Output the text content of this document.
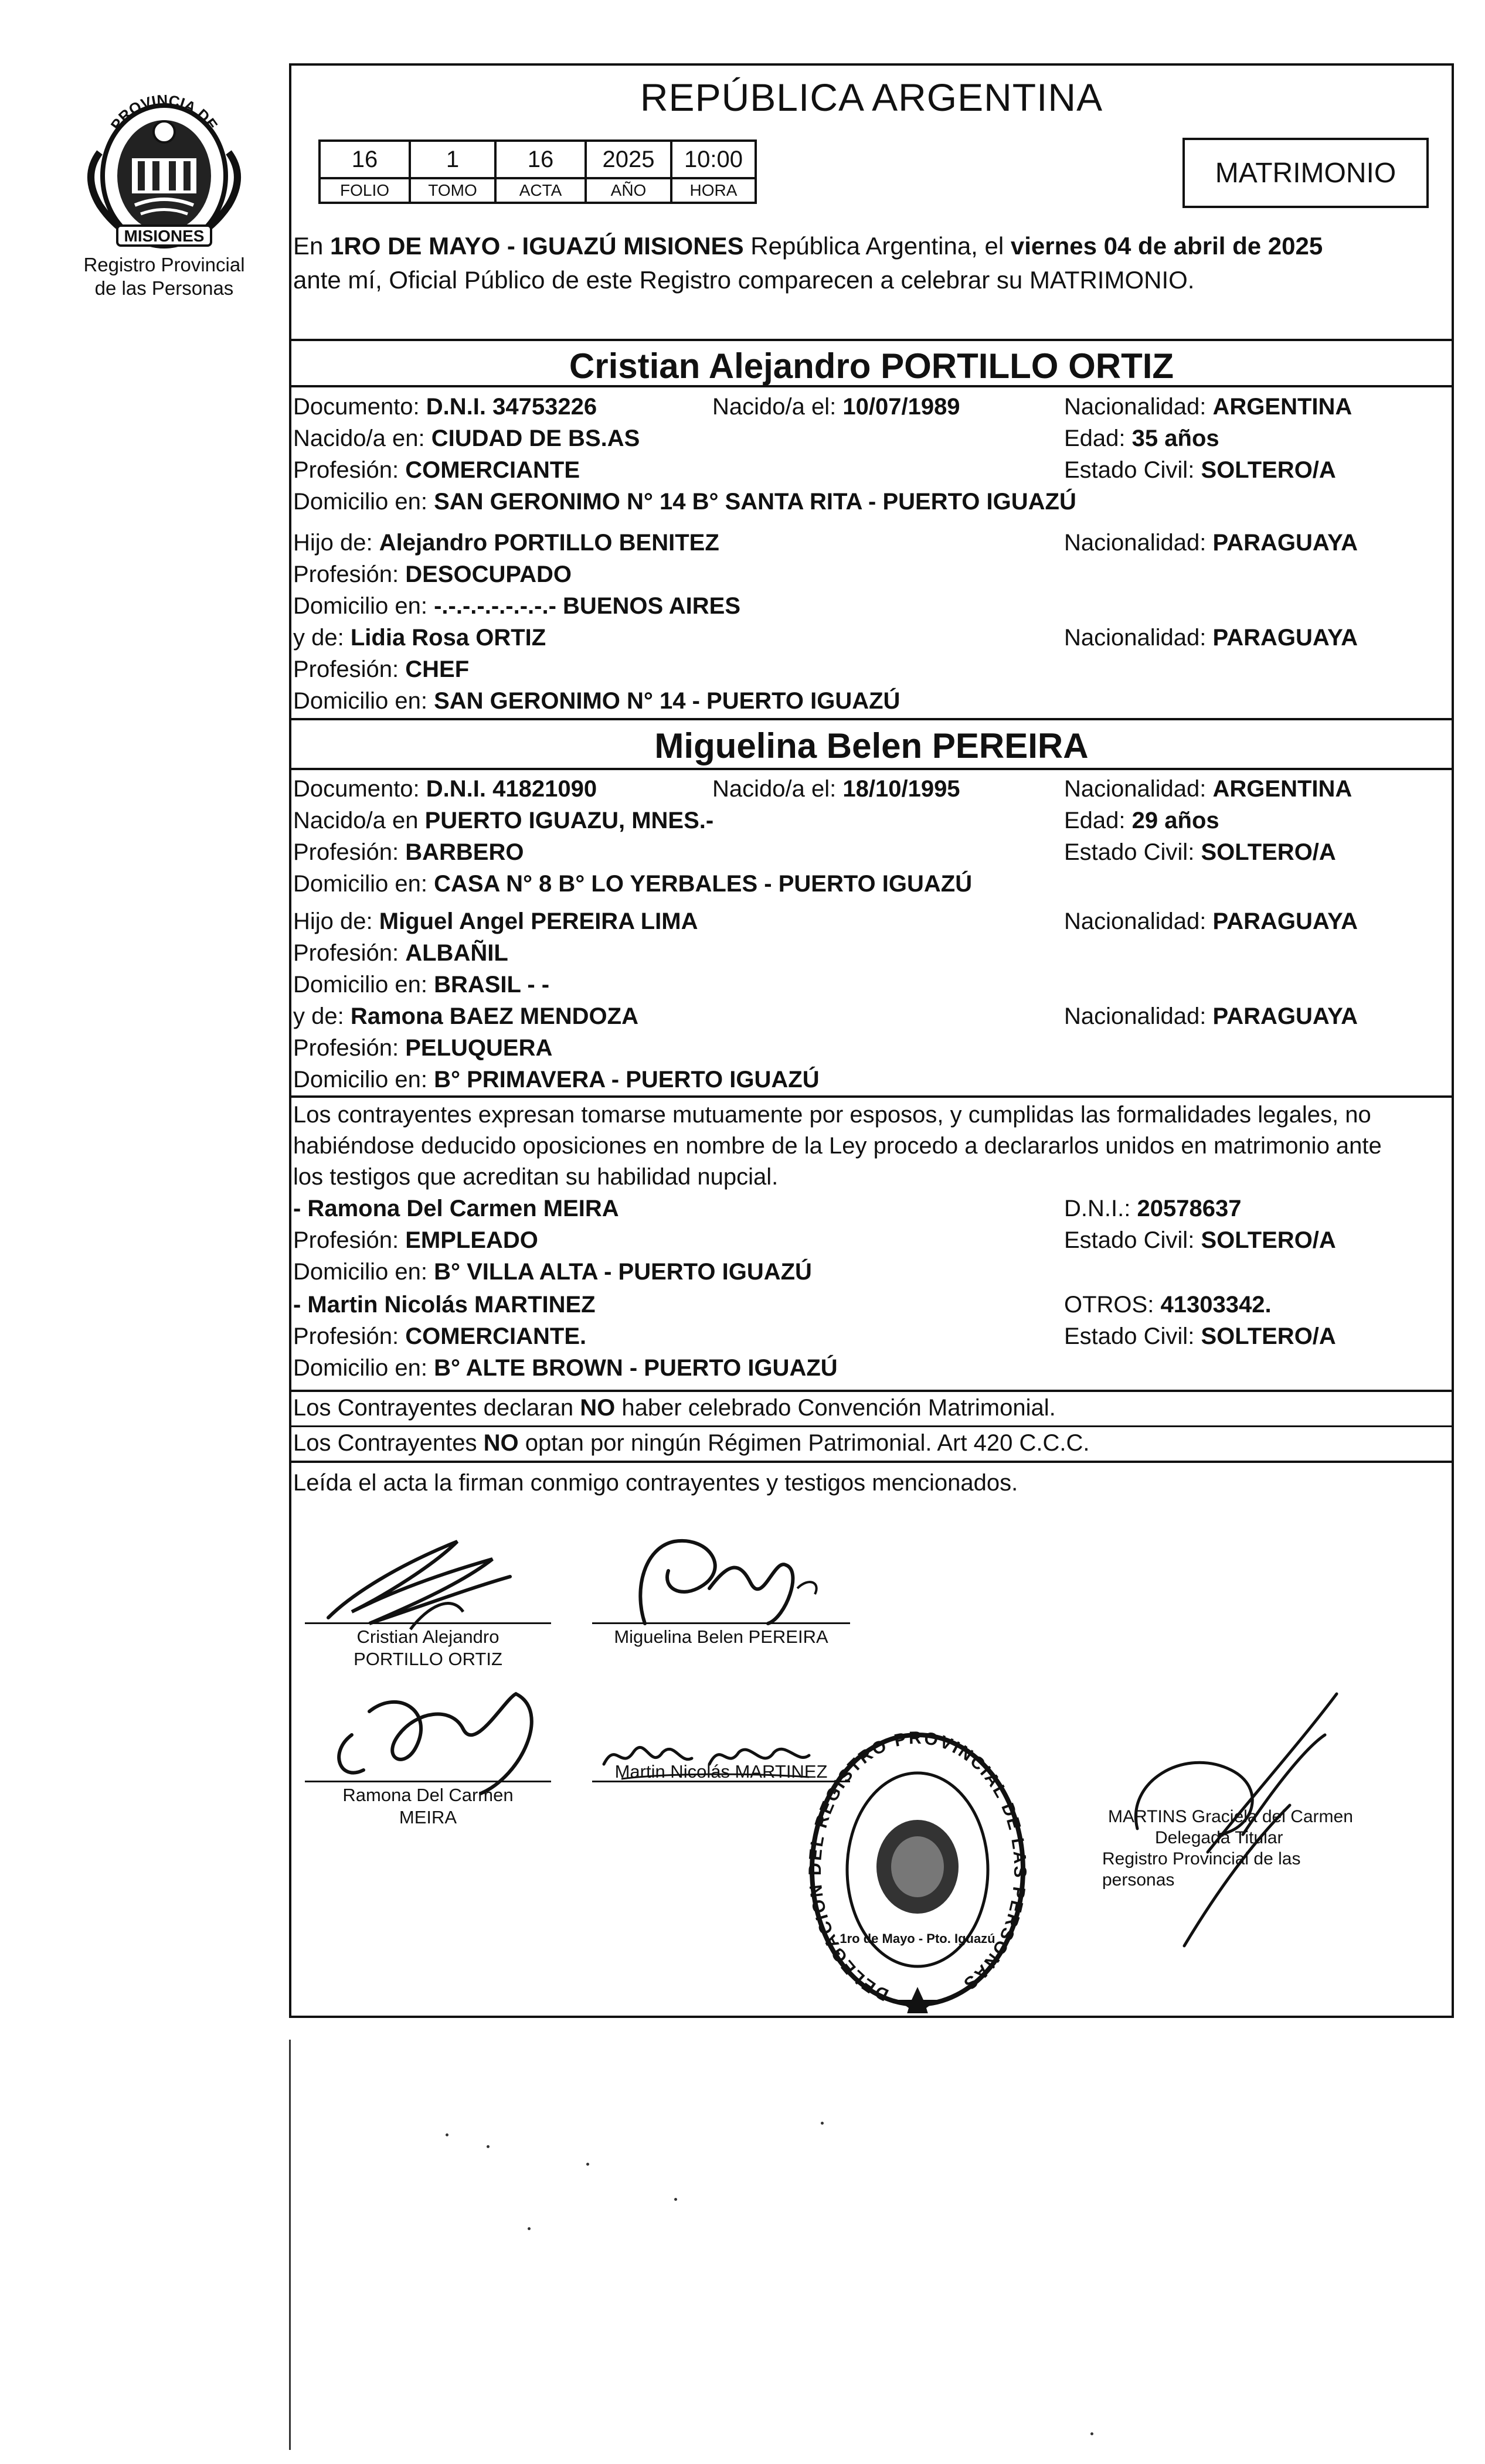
PROVINCIA DE
MISIONES
Registro Provincial
de las Personas
REPÚBLICA ARGENTINA
16	1	16	2025	10:00
FOLIO	TOMO	ACTA	AÑO	HORA
MATRIMONIO
En 1RO DE MAYO - IGUAZÚ MISIONES República Argentina, el viernes 04 de abril de 2025
ante mí, Oficial Público de este Registro comparecen a celebrar su MATRIMONIO.
Cristian Alejandro PORTILLO ORTIZ
Documento: D.N.I. 34753226	Nacido/a el: 10/07/1989	Nacionalidad: ARGENTINA
Nacido/a en: CIUDAD DE BS.AS	Edad: 35 años
Profesión: COMERCIANTE	Estado Civil: SOLTERO/A
Domicilio en: SAN GERONIMO N° 14 B° SANTA RITA - PUERTO IGUAZÚ
Hijo de: Alejandro PORTILLO BENITEZ	Nacionalidad: PARAGUAYA
Profesión: DESOCUPADO
Domicilio en: -.-.-.-.-.-.-.-.- BUENOS AIRES
y de: Lidia Rosa ORTIZ	Nacionalidad: PARAGUAYA
Profesión: CHEF
Domicilio en: SAN GERONIMO N° 14 - PUERTO IGUAZÚ
Miguelina Belen PEREIRA
Documento: D.N.I. 41821090	Nacido/a el: 18/10/1995	Nacionalidad: ARGENTINA
Nacido/a en PUERTO IGUAZU, MNES.-	Edad: 29 años
Profesión: BARBERO	Estado Civil: SOLTERO/A
Domicilio en: CASA N° 8 B° LO YERBALES - PUERTO IGUAZÚ
Hijo de: Miguel Angel PEREIRA LIMA	Nacionalidad: PARAGUAYA
Profesión: ALBAÑIL
Domicilio en: BRASIL - -
y de: Ramona BAEZ MENDOZA	Nacionalidad: PARAGUAYA
Profesión: PELUQUERA
Domicilio en: B° PRIMAVERA - PUERTO IGUAZÚ
Los contrayentes expresan tomarse mutuamente por esposos, y cumplidas las formalidades legales, no
habiéndose deducido oposiciones en nombre de la Ley procedo a declararlos unidos en matrimonio ante
los testigos que acreditan su habilidad nupcial.
- Ramona Del Carmen MEIRA	D.N.I.: 20578637
Profesión: EMPLEADO	Estado Civil: SOLTERO/A
Domicilio en: B° VILLA ALTA - PUERTO IGUAZÚ
- Martin Nicolás MARTINEZ	OTROS: 41303342.
Profesión: COMERCIANTE.	Estado Civil: SOLTERO/A
Domicilio en: B° ALTE BROWN - PUERTO IGUAZÚ
Los Contrayentes declaran NO haber celebrado Convención Matrimonial.
Los Contrayentes NO optan por ningún Régimen Patrimonial. Art 420 C.C.C.
Leída el acta la firman conmigo contrayentes y testigos mencionados.
Cristian Alejandro
PORTILLO ORTIZ
Miguelina Belen PEREIRA
Ramona Del Carmen
MEIRA
Martin Nicolás MARTINEZ
MARTINS Graciela del Carmen
Delegada Titular
Registro Provincial de las personas
DELEGACION DEL REGISTRO PROVINCIAL DE LAS PERSONAS
1ro de Mayo - Pto. Iguazú
